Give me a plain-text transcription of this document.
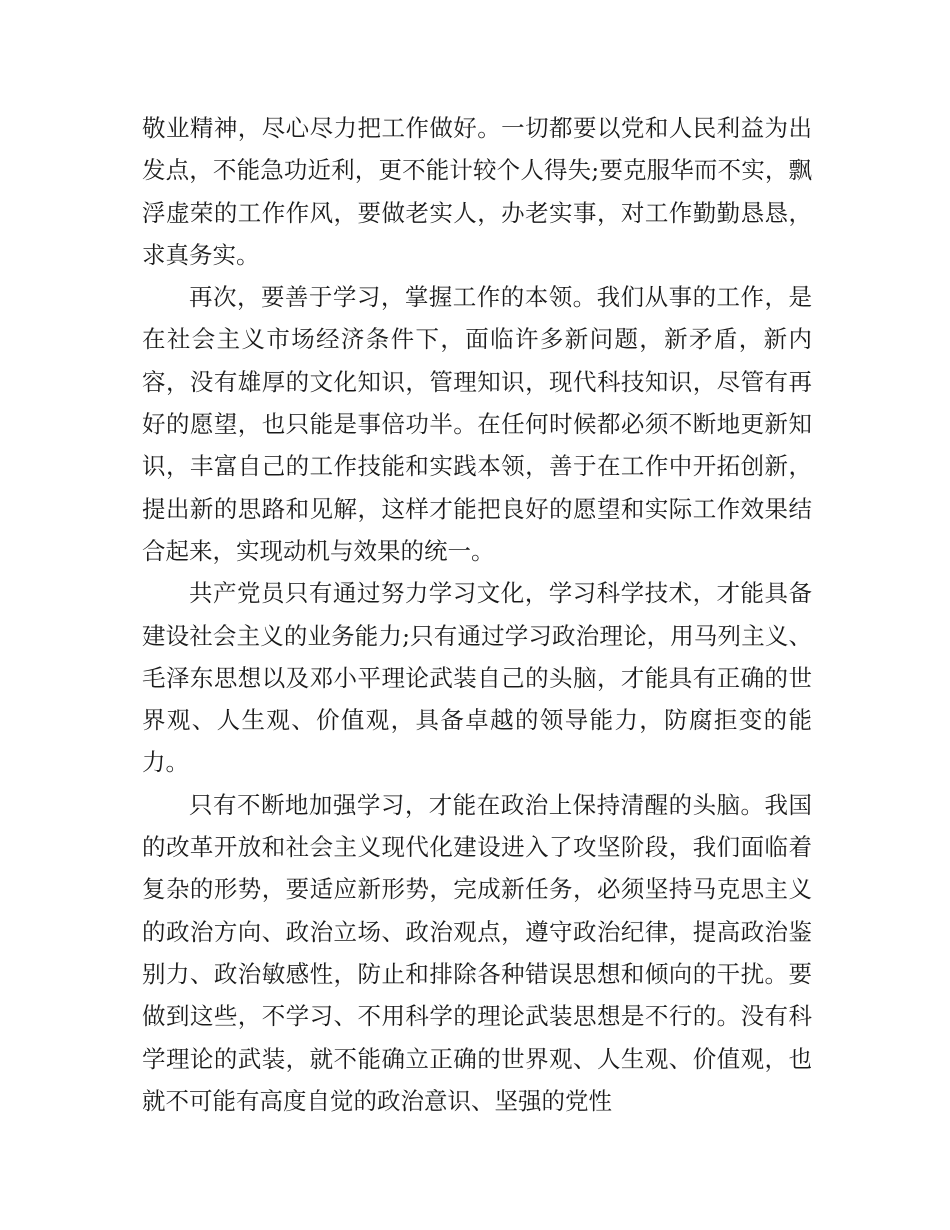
敬业精神，尽心尽力把工作做好。一切都要以党和人民利益为出发点，不能急功近利，更不能计较个人得失;要克服华而不实，飘浮虚荣的工作作风，要做老实人，办老实事，对工作勤勤恳恳，求真务实。

再次，要善于学习，掌握工作的本领。我们从事的工作，是在社会主义市场经济条件下，面临许多新问题，新矛盾，新内容，没有雄厚的文化知识，管理知识，现代科技知识，尽管有再好的愿望，也只能是事倍功半。在任何时候都必须不断地更新知识，丰富自己的工作技能和实践本领，善于在工作中开拓创新，提出新的思路和见解，这样才能把良好的愿望和实际工作效果结合起来，实现动机与效果的统一。

共产党员只有通过努力学习文化，学习科学技术，才能具备建设社会主义的业务能力;只有通过学习政治理论，用马列主义、毛泽东思想以及邓小平理论武装自己的头脑，才能具有正确的世界观、人生观、价值观，具备卓越的领导能力，防腐拒变的能力。

只有不断地加强学习，才能在政治上保持清醒的头脑。我国的改革开放和社会主义现代化建设进入了攻坚阶段，我们面临着复杂的形势，要适应新形势，完成新任务，必须坚持马克思主义的政治方向、政治立场、政治观点，遵守政治纪律，提高政治鉴别力、政治敏感性，防止和排除各种错误思想和倾向的干扰。要做到这些，不学习、不用科学的理论武装思想是不行的。没有科学理论的武装，就不能确立正确的世界观、人生观、价值观，也就不可能有高度自觉的政治意识、坚强的党性
